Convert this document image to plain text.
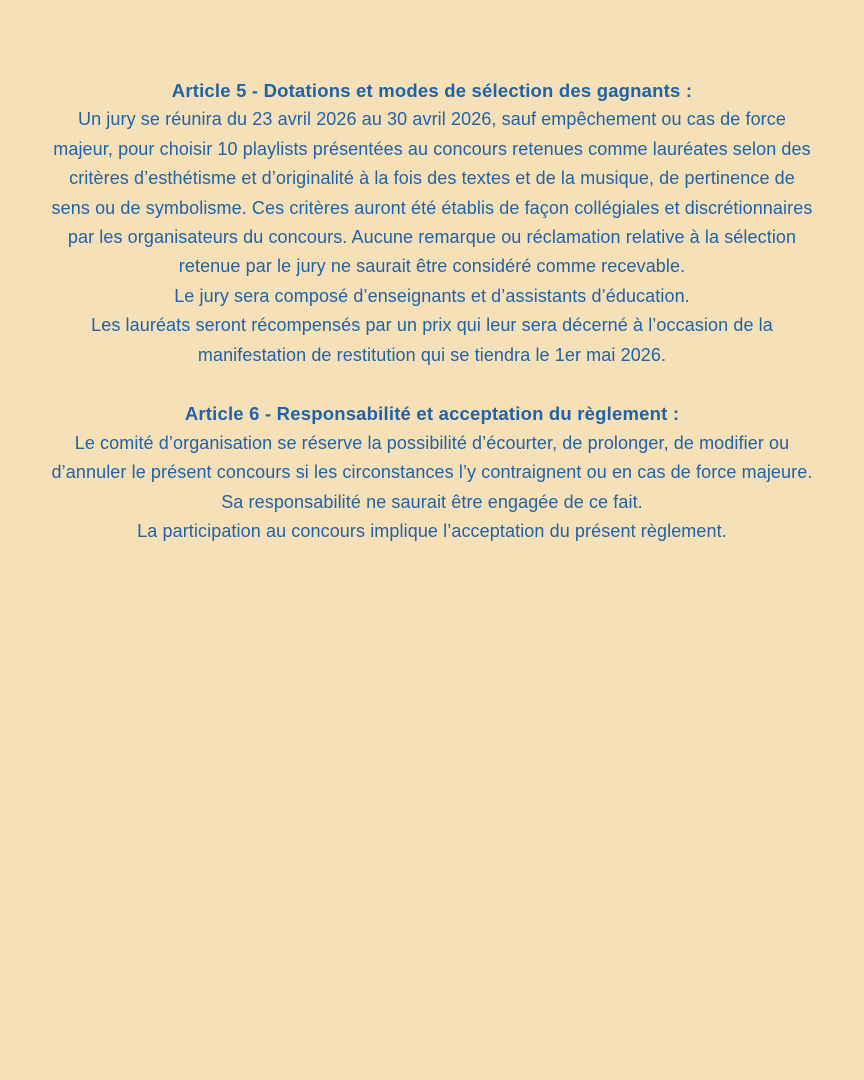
Article 5 - Dotations et modes de sélection des gagnants :

Un jury se réunira du 23 avril 2026 au 30 avril 2026, sauf empêchement ou cas de force

majeur, pour choisir 10 playlists présentées au concours retenues comme lauréates selon des

critères d’esthétisme et d’originalité à la fois des textes et de la musique, de pertinence de

sens ou de symbolisme. Ces critères auront été établis de façon collégiales et discrétionnaires

par les organisateurs du concours. Aucune remarque ou réclamation relative à la sélection

retenue par le jury ne saurait être considéré comme recevable.

Le jury sera composé d’enseignants et d’assistants d’éducation.

Les lauréats seront récompensés par un prix qui leur sera décerné à l’occasion de la

manifestation de restitution qui se tiendra le 1er mai 2026.

Article 6 - Responsabilité et acceptation du règlement :

Le comité d’organisation se réserve la possibilité d’écourter, de prolonger, de modifier ou

d’annuler le présent concours si les circonstances l’y contraignent ou en cas de force majeure.

Sa responsabilité ne saurait être engagée de ce fait.

La participation au concours implique l’acceptation du présent règlement.
